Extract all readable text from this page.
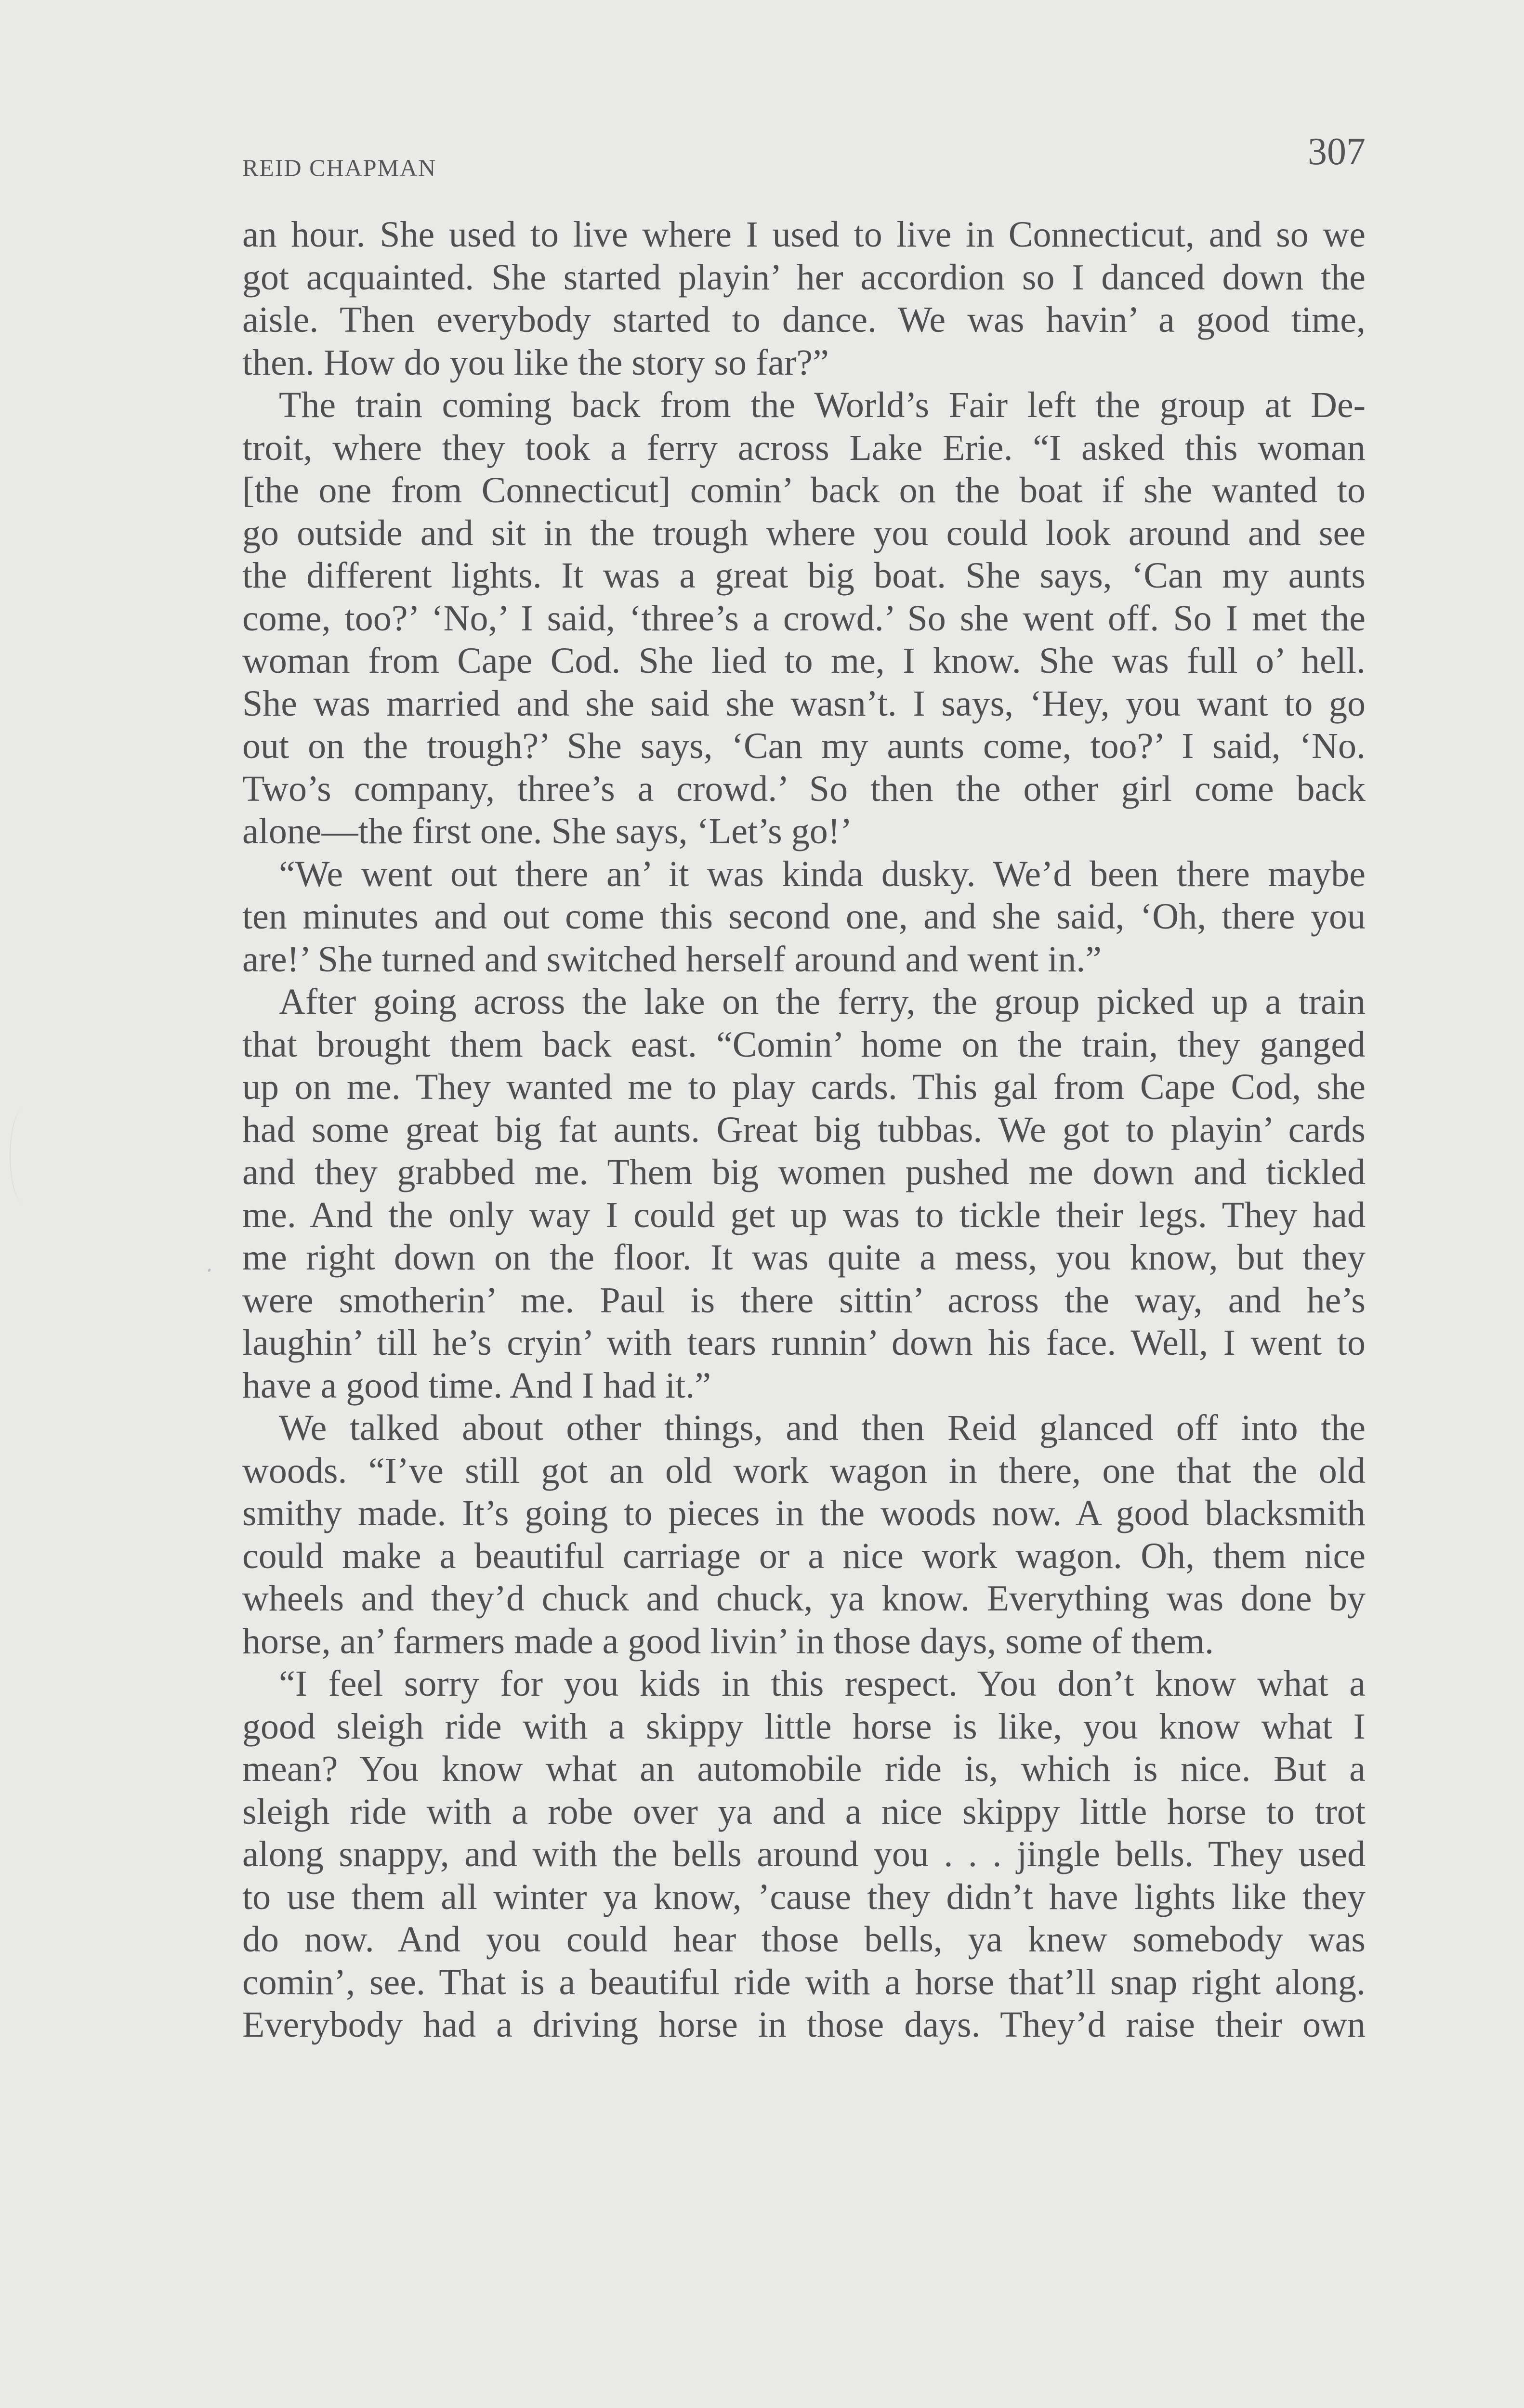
REID CHAPMAN	307
an hour. She used to live where I used to live in Connecticut, and so we
got acquainted. She started playin’ her accordion so I danced down the
aisle. Then everybody started to dance. We was havin’ a good time,
then. How do you like the story so far?”
The train coming back from the World’s Fair left the group at De-
troit, where they took a ferry across Lake Erie. “I asked this woman
[the one from Connecticut] comin’ back on the boat if she wanted to
go outside and sit in the trough where you could look around and see
the different lights. It was a great big boat. She says, ‘Can my aunts
come, too?’ ‘No,’ I said, ‘three’s a crowd.’ So she went off. So I met the
woman from Cape Cod. She lied to me, I know. She was full o’ hell.
She was married and she said she wasn’t. I says, ‘Hey, you want to go
out on the trough?’ She says, ‘Can my aunts come, too?’ I said, ‘No.
Two’s company, three’s a crowd.’ So then the other girl come back
alone—the first one. She says, ‘Let’s go!’
“We went out there an’ it was kinda dusky. We’d been there maybe
ten minutes and out come this second one, and she said, ‘Oh, there you
are!’ She turned and switched herself around and went in.”
After going across the lake on the ferry, the group picked up a train
that brought them back east. “Comin’ home on the train, they ganged
up on me. They wanted me to play cards. This gal from Cape Cod, she
had some great big fat aunts. Great big tubbas. We got to playin’ cards
and they grabbed me. Them big women pushed me down and tickled
me. And the only way I could get up was to tickle their legs. They had
me right down on the floor. It was quite a mess, you know, but they
were smotherin’ me. Paul is there sittin’ across the way, and he’s
laughin’ till he’s cryin’ with tears runnin’ down his face. Well, I went to
have a good time. And I had it.”
We talked about other things, and then Reid glanced off into the
woods. “I’ve still got an old work wagon in there, one that the old
smithy made. It’s going to pieces in the woods now. A good blacksmith
could make a beautiful carriage or a nice work wagon. Oh, them nice
wheels and they’d chuck and chuck, ya know. Everything was done by
horse, an’ farmers made a good livin’ in those days, some of them.
“I feel sorry for you kids in this respect. You don’t know what a
good sleigh ride with a skippy little horse is like, you know what I
mean? You know what an automobile ride is, which is nice. But a
sleigh ride with a robe over ya and a nice skippy little horse to trot
along snappy, and with the bells around you . . . jingle bells. They used
to use them all winter ya know, ’cause they didn’t have lights like they
do now. And you could hear those bells, ya knew somebody was
comin’, see. That is a beautiful ride with a horse that’ll snap right along.
Everybody had a driving horse in those days. They’d raise their own
